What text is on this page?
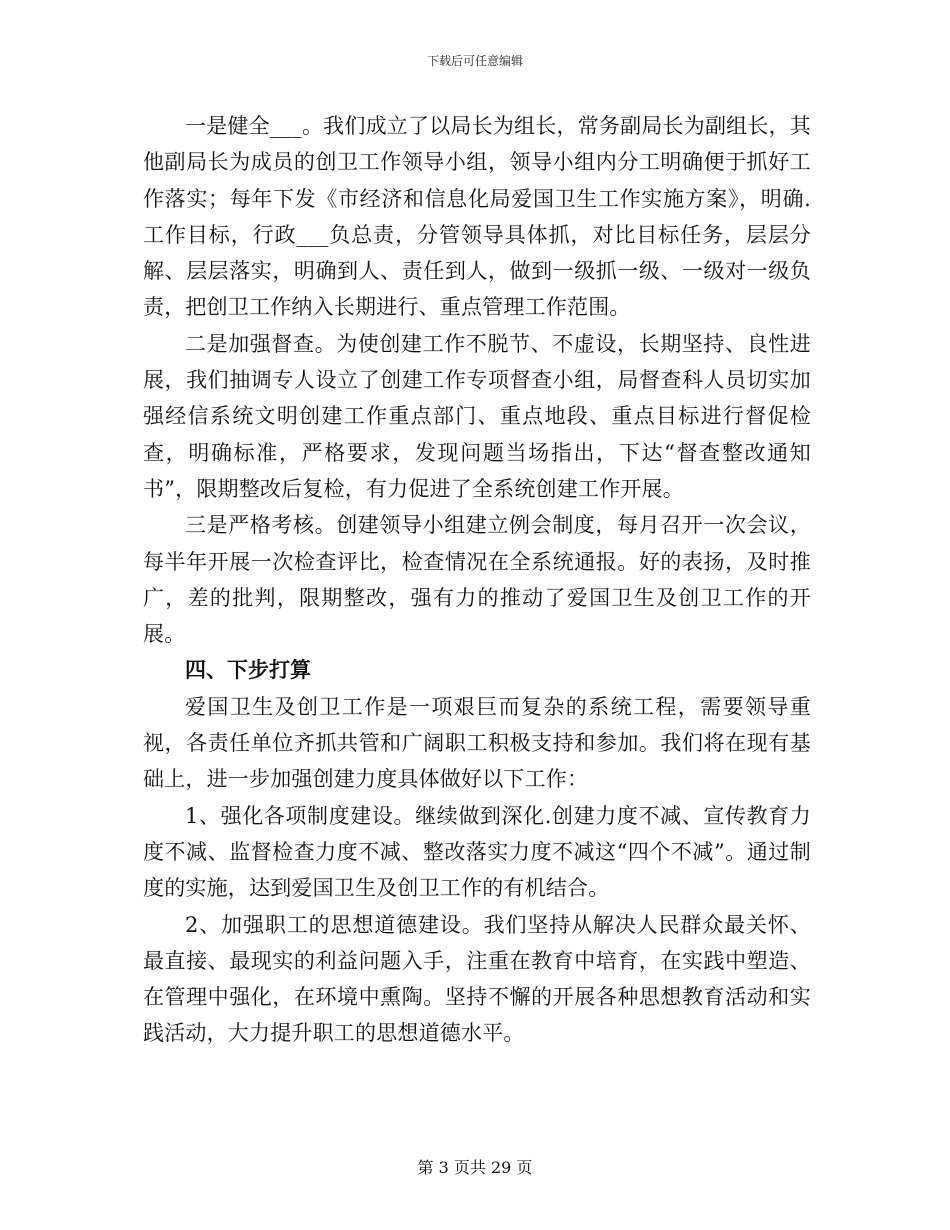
下载后可任意编辑

一是健全___。我们成立了以局长为组长，常务副局长为副组长，其他副局长为成员的创卫工作领导小组，领导小组内分工明确便于抓好工作落实；每年下发《市经济和信息化局爱国卫生工作实施方案》，明确.工作目标，行政___负总责，分管领导具体抓，对比目标任务，层层分解、层层落实，明确到人、责任到人，做到一级抓一级、一级对一级负责，把创卫工作纳入长期进行、重点管理工作范围。

二是加强督查。为使创建工作不脱节、不虚设，长期坚持、良性进展，我们抽调专人设立了创建工作专项督查小组，局督查科人员切实加强经信系统文明创建工作重点部门、重点地段、重点目标进行督促检查，明确标准，严格要求，发现问题当场指出，下达“督查整改通知书”，限期整改后复检，有力促进了全系统创建工作开展。

三是严格考核。创建领导小组建立例会制度，每月召开一次会议，每半年开展一次检查评比，检查情况在全系统通报。好的表扬，及时推广，差的批判，限期整改，强有力的推动了爱国卫生及创卫工作的开展。

四、下步打算

爱国卫生及创卫工作是一项艰巨而复杂的系统工程，需要领导重视，各责任单位齐抓共管和广阔职工积极支持和参加。我们将在现有基础上，进一步加强创建力度具体做好以下工作：

1、强化各项制度建设。继续做到深化.创建力度不减、宣传教育力度不减、监督检查力度不减、整改落实力度不减这“四个不减”。通过制度的实施，达到爱国卫生及创卫工作的有机结合。

2、加强职工的思想道德建设。我们坚持从解决人民群众最关怀、最直接、最现实的利益问题入手，注重在教育中培育，在实践中塑造、在管理中强化，在环境中熏陶。坚持不懈的开展各种思想教育活动和实践活动，大力提升职工的思想道德水平。

第 3 页共 29 页
